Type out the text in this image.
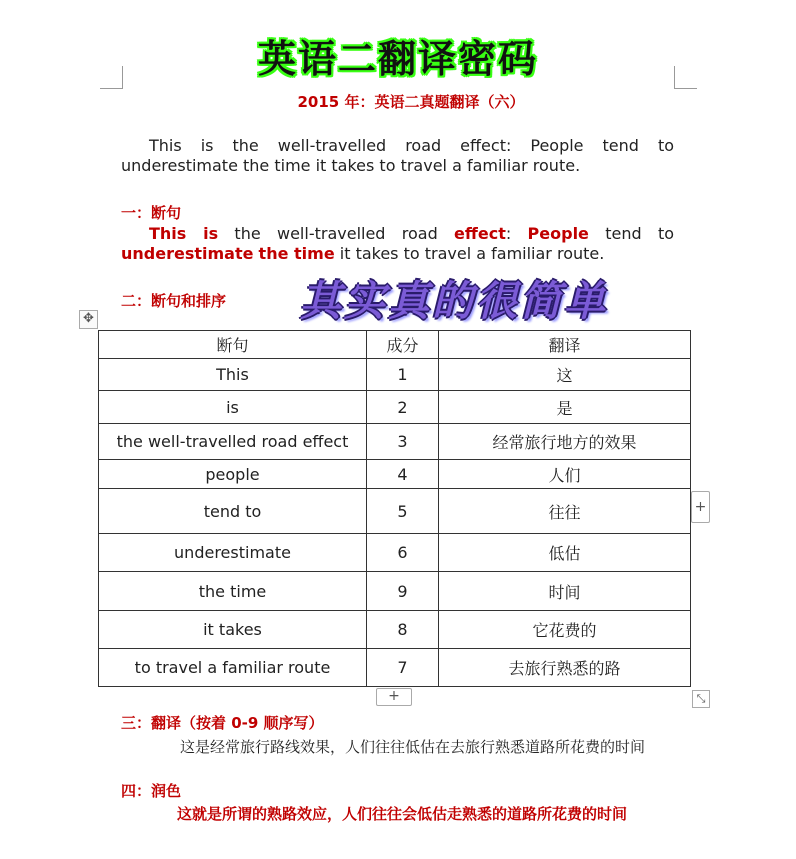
英语二翻译密码
2015 年：英语二真题翻译（六）
This is the well-travelled road effect: People tend to underestimate the time it takes to travel a familiar route.
一：断句
This is the well-travelled road effect: People tend to underestimate the time it takes to travel a familiar route.
二：断句和排序 其实真的很简单
✥
断句	成分	翻译
This	1	这
is	2	是
the well-travelled road effect	3	经常旅行地方的效果
people	4	人们
tend to	5	往往
underestimate	6	低估
the time	9	时间
it takes	8	它花费的
to travel a familiar route	7	去旅行熟悉的路
+
+	⤡
三：翻译（按着 0-9 顺序写）
这是经常旅行路线效果，人们往往低估在去旅行熟悉道路所花费的时间
四：润色
这就是所谓的熟路效应，人们往往会低估走熟悉的道路所花费的时间
